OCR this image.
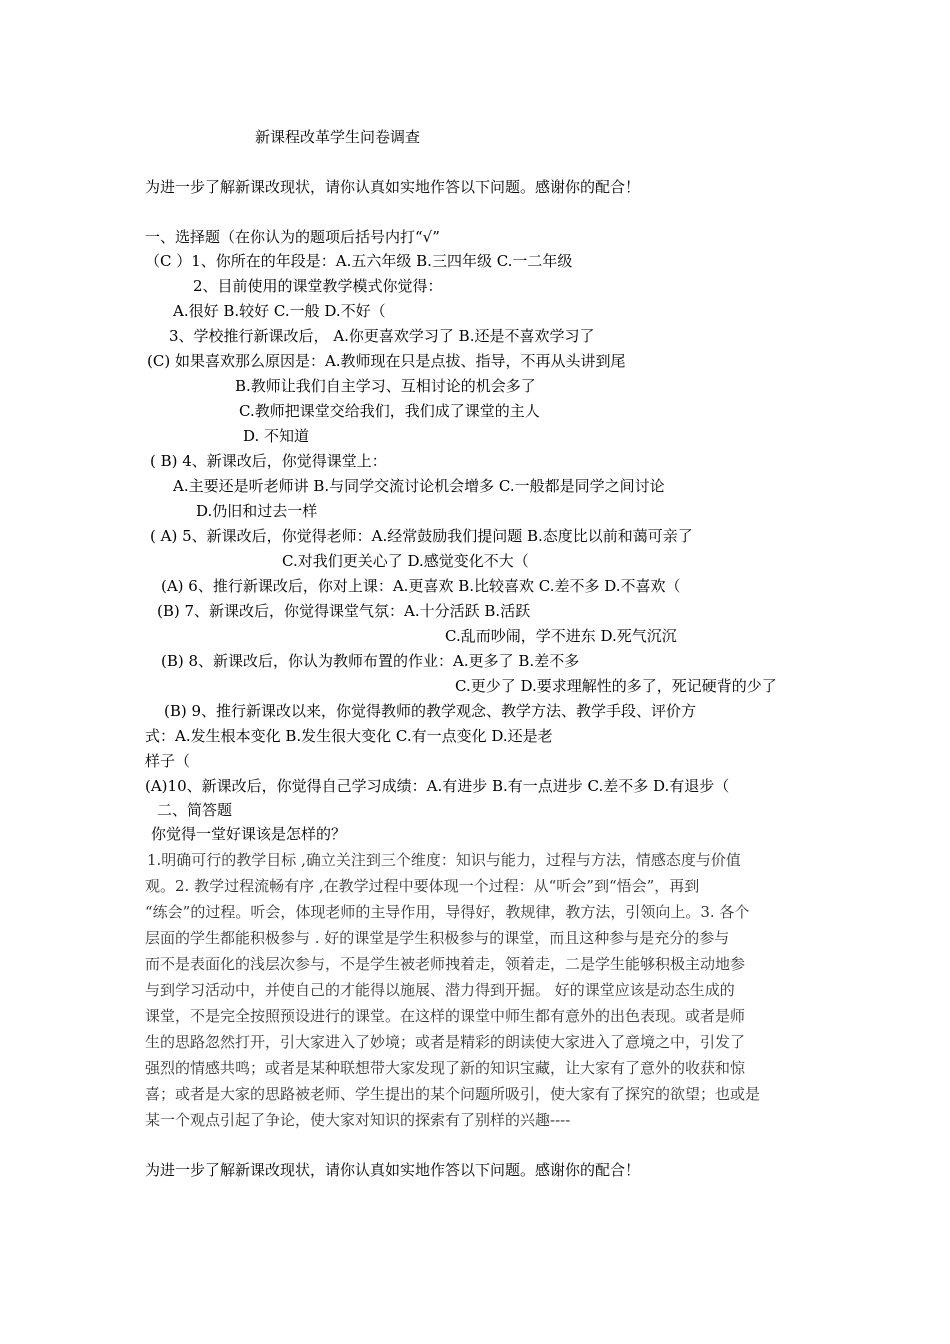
新课程改革学生问卷调查
为进一步了解新课改现状，请你认真如实地作答以下问题。感谢你的配合！
一、选择题（在你认为的题项后括号内打“√”
（C ）1、你所在的年段是：A.五六年级 B.三四年级 C.一二年级
2、目前使用的课堂教学模式你觉得：
A.很好 B.较好 C.一般 D.不好（
3、学校推行新课改后， A.你更喜欢学习了 B.还是不喜欢学习了
(C) 如果喜欢那么原因是：A.教师现在只是点拔、指导，不再从头讲到尾
B.教师让我们自主学习、互相讨论的机会多了
C.教师把课堂交给我们，我们成了课堂的主人
D. 不知道
( B) 4、新课改后，你觉得课堂上：
A.主要还是听老师讲 B.与同学交流讨论机会增多 C.一般都是同学之间讨论
D.仍旧和过去一样
( A) 5、新课改后，你觉得老师：A.经常鼓励我们提问题 B.态度比以前和蔼可亲了
C.对我们更关心了 D.感觉变化不大（
(A) 6、推行新课改后，你对上课：A.更喜欢 B.比较喜欢 C.差不多 D.不喜欢（
(B) 7、新课改后，你觉得课堂气氛：A.十分活跃 B.活跃
C.乱而吵闹，学不进东 D.死气沉沉
(B) 8、新课改后，你认为教师布置的作业：A.更多了 B.差不多
C.更少了 D.要求理解性的多了，死记硬背的少了
(B) 9、推行新课改以来，你觉得教师的教学观念、教学方法、教学手段、评价方
式：A.发生根本变化 B.发生很大变化 C.有一点变化 D.还是老
样子（
(A)10、新课改后，你觉得自己学习成绩：A.有进步 B.有一点进步 C.差不多 D.有退步（
二、简答题
你觉得一堂好课该是怎样的？
1.明确可行的教学目标 ,确立关注到三个维度：知识与能力，过程与方法，情感态度与价值
观。2. 教学过程流畅有序 ,在教学过程中要体现一个过程：从“听会”到“悟会”，再到
“练会”的过程。听会，体现老师的主导作用，导得好，教规律，教方法，引领向上。3. 各个
层面的学生都能积极参与 . 好的课堂是学生积极参与的课堂，而且这种参与是充分的参与
而不是表面化的浅层次参与，不是学生被老师拽着走，领着走，二是学生能够积极主动地参
与到学习活动中，并使自己的才能得以施展、潜力得到开掘。 好的课堂应该是动态生成的
课堂，不是完全按照预设进行的课堂。在这样的课堂中师生都有意外的出色表现。或者是师
生的思路忽然打开，引大家进入了妙境；或者是精彩的朗读使大家进入了意境之中，引发了
强烈的情感共鸣；或者是某种联想带大家发现了新的知识宝藏，让大家有了意外的收获和惊
喜；或者是大家的思路被老师、学生提出的某个问题所吸引，使大家有了探究的欲望；也或是
某一个观点引起了争论，使大家对知识的探索有了别样的兴趣----
为进一步了解新课改现状，请你认真如实地作答以下问题。感谢你的配合！
